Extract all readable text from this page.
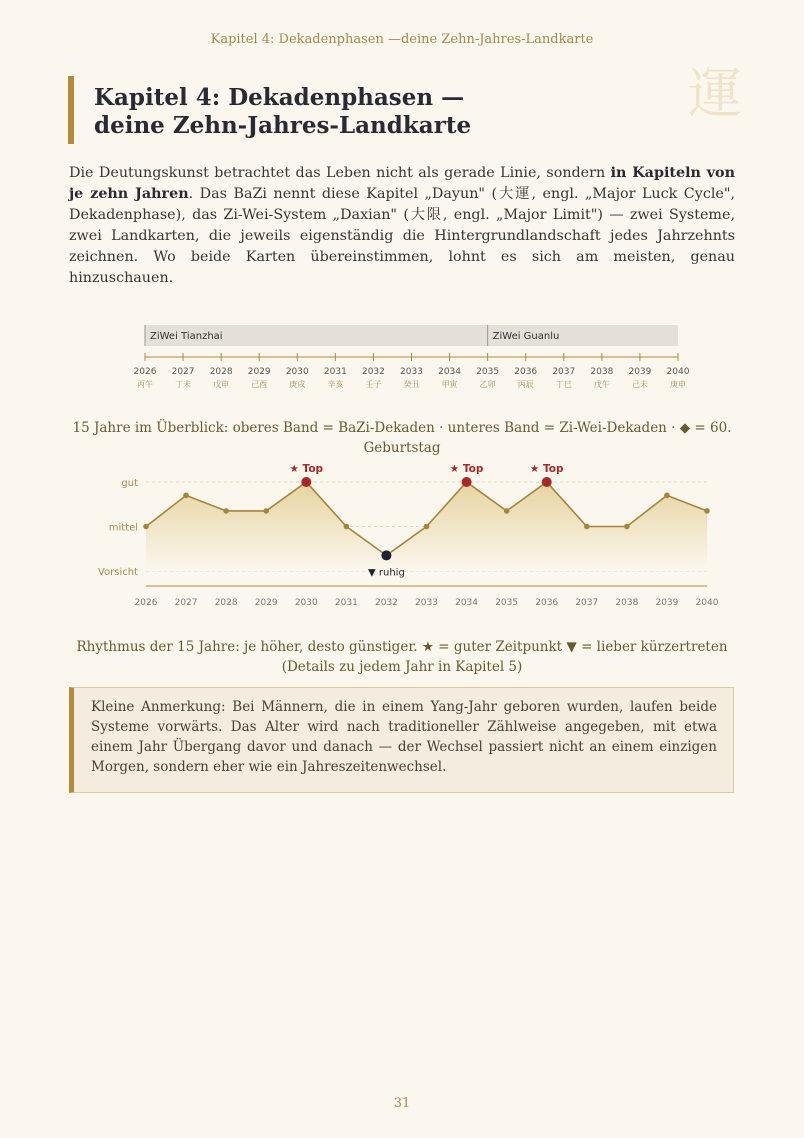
Kapitel 4: Dekadenphasen —deine Zehn-Jahres-Landkarte
運
Kapitel 4: Dekadenphasen —
deine Zehn-Jahres-Landkarte

Die Deutungskunst betrachtet das Leben nicht als gerade Linie, sondern in Kapiteln von je zehn Jahren. Das BaZi nennt diese Kapitel „Dayun" (大運, engl. „Major Luck Cycle", Dekadenphase), das Zi-Wei-System „Daxian" (大限, engl. „Major Limit") — zwei Systeme, zwei Landkarten, die jeweils eigenständig die Hintergrundlandschaft jedes Jahrzehnts zeichnen. Wo beide Karten übereinstimmen, lohnt es sich am meisten, genau hinzuschauen.

ZiWei Tianzhai	ZiWei Guanlu
2026
丙午
2027
丁未
2028
戊申
2029
己酉
2030
庚戌
2031
辛亥
2032
壬子
2033
癸丑
2034
甲寅
2035
乙卯
2036
丙辰
2037
丁巳
2038
戊午
2039
己未
2040
庚申
15 Jahre im Überblick: oberes Band = BaZi-Dekaden · unteres Band = Zi-Wei-Dekaden · ◆ = 60. Geburtstag
Vorsicht
mittel
gut
2026 2027 2028 2029
★ Top
2030 2031
▼ ruhig
2032 2033
★ Top
2034 2035
★ Top
2036 2037 2038 2039 2040
Rhythmus der 15 Jahre: je höher, desto günstiger. ★ = guter Zeitpunkt ▼ = lieber kürzertreten (Details zu jedem Jahr in Kapitel 5)
Kleine Anmerkung: Bei Männern, die in einem Yang-Jahr geboren wurden, laufen beide Systeme vorwärts. Das Alter wird nach traditioneller Zählweise angegeben, mit etwa einem Jahr Übergang davor und danach — der Wechsel passiert nicht an einem einzigen Morgen, sondern eher wie ein Jahreszeitenwechsel.
31
